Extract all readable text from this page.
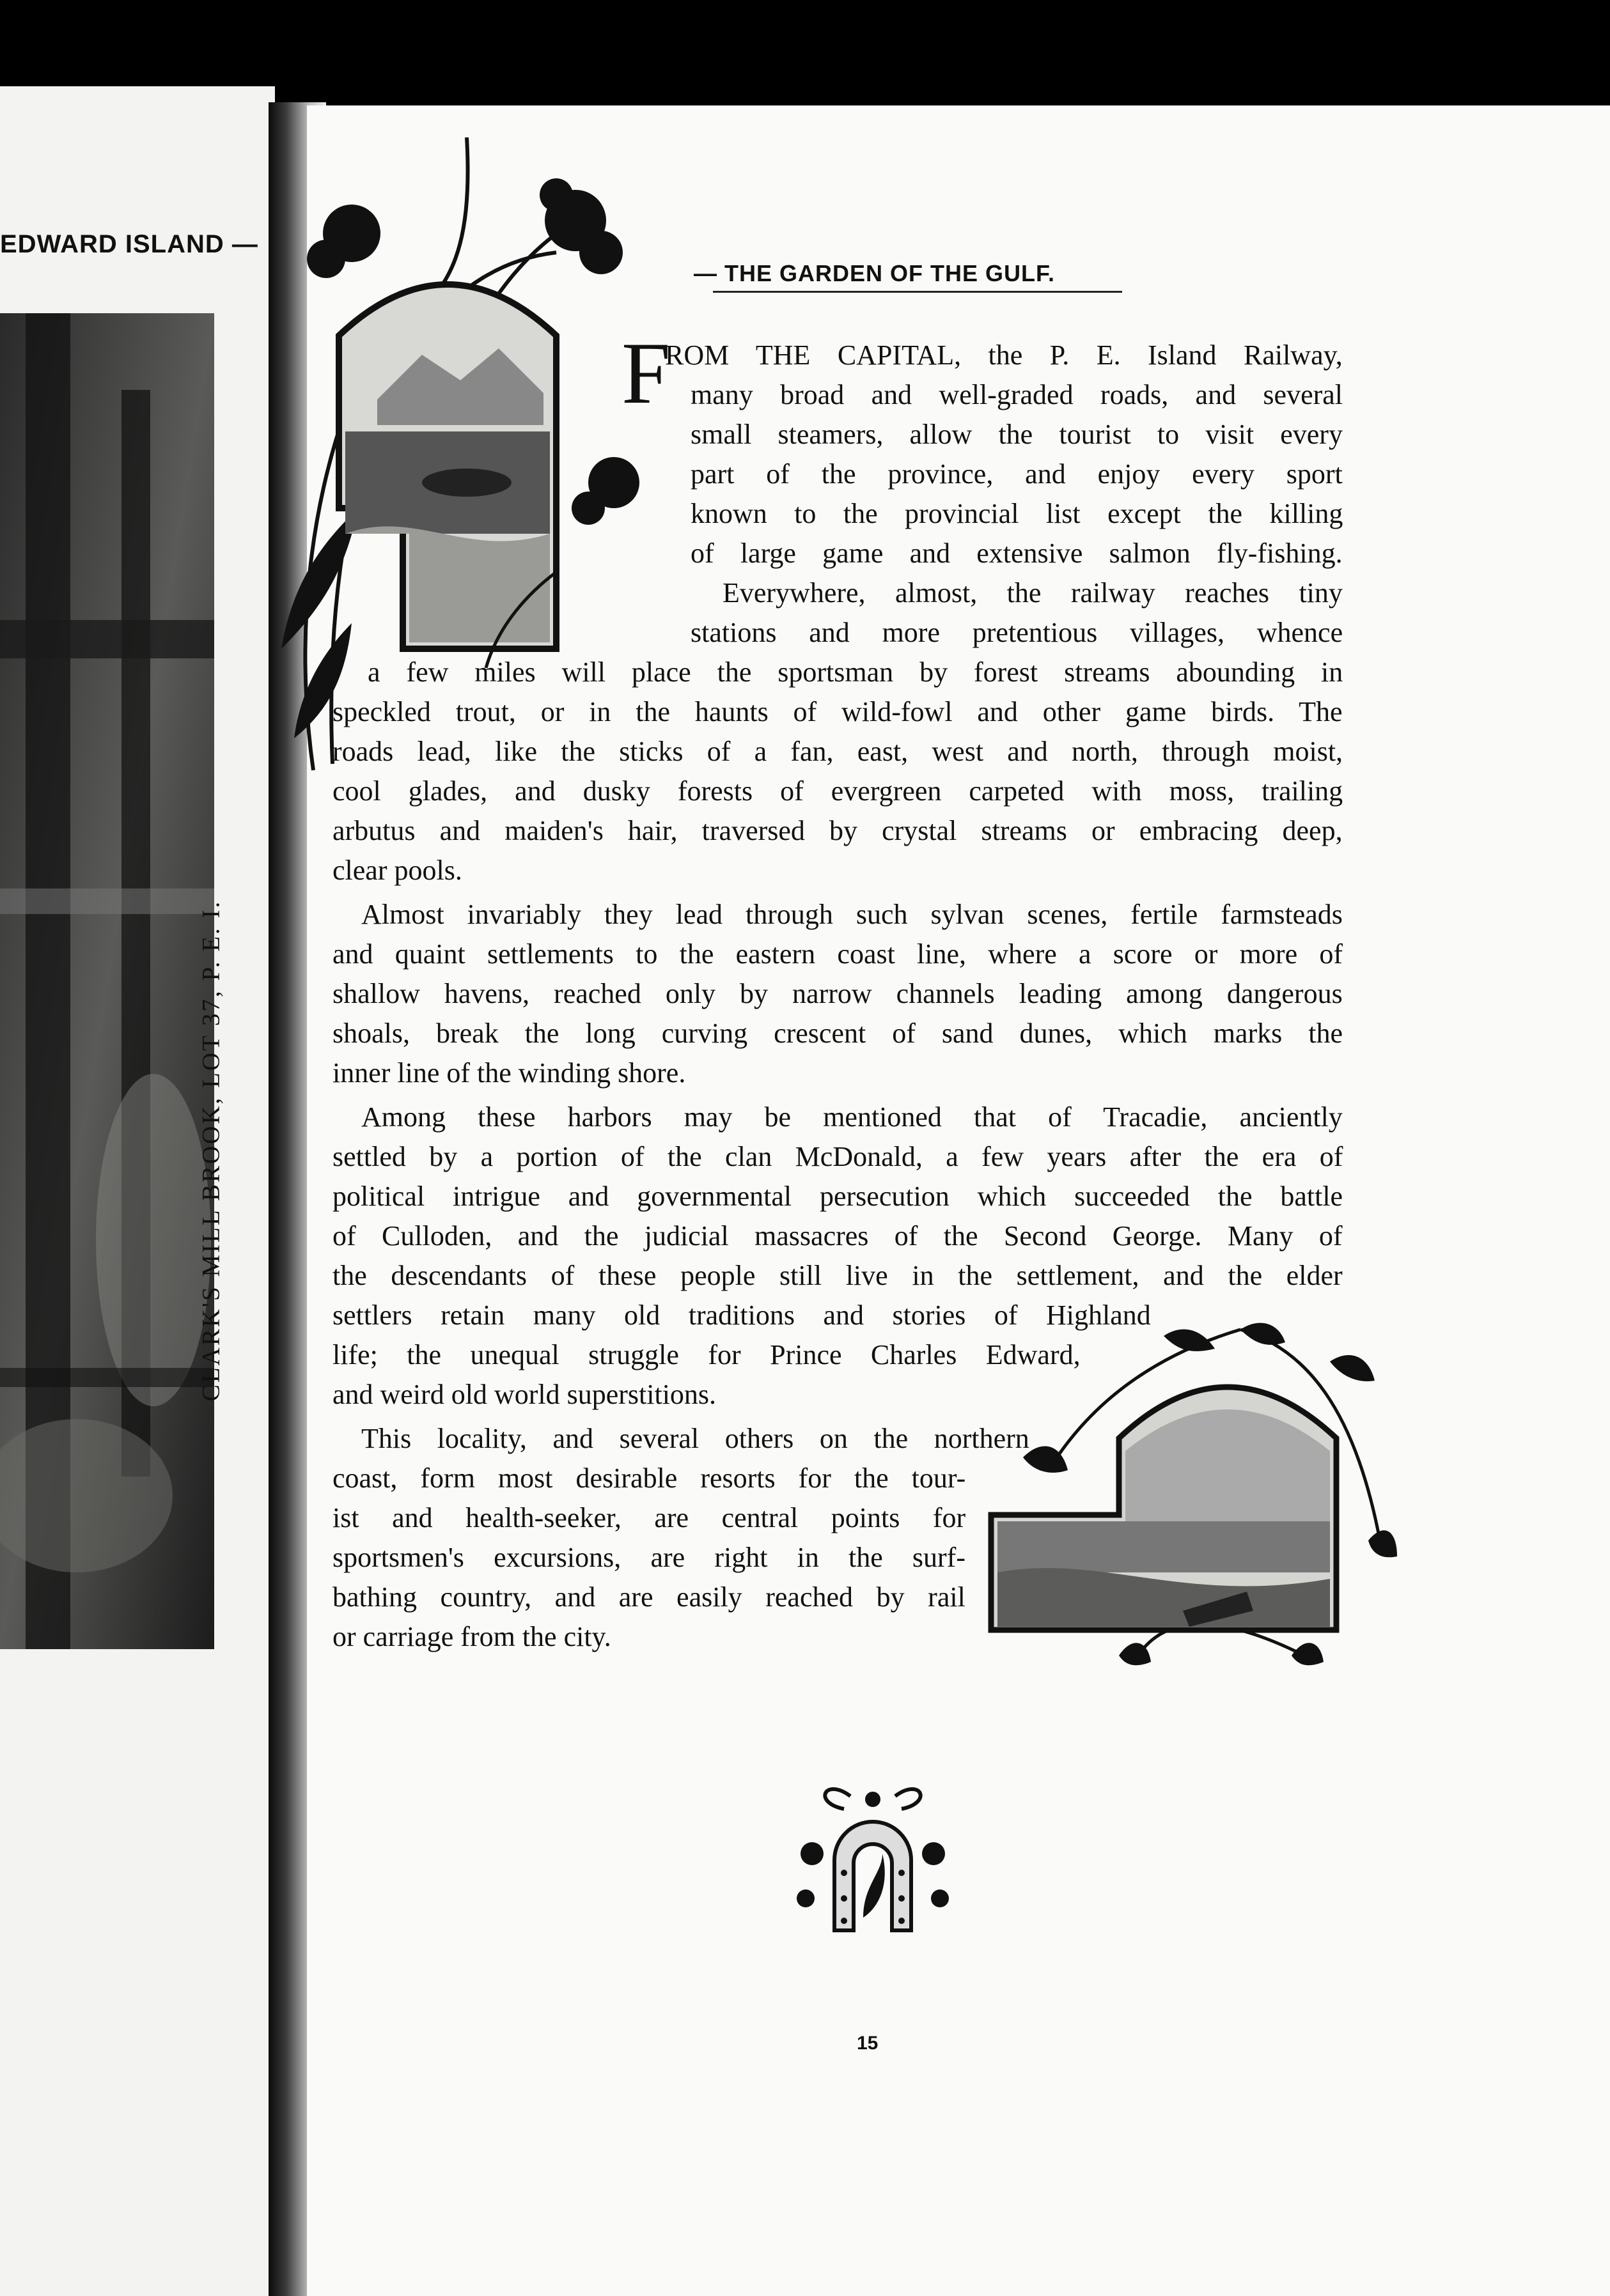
EDWARD ISLAND —
CLARK'S MILL BROOK, LOT 37, P. E. I.
— THE GARDEN OF THE GULF.
F
ROM THE CAPITAL, the P. E. Island Railway,
many broad and well-graded roads, and several
small steamers, allow the tourist to visit every
part of the province, and enjoy every sport
known to the provincial list except the killing
of large game and extensive salmon fly-fishing.
Everywhere, almost, the railway reaches tiny
stations and more pretentious villages, whence
a few miles will place the sportsman by forest streams abounding in
speckled trout, or in the haunts of wild-fowl and other game birds. The
roads lead, like the sticks of a fan, east, west and north, through moist,
cool glades, and dusky forests of evergreen carpeted with moss, trailing
arbutus and maiden's hair, traversed by crystal streams or embracing deep,
clear pools.
Almost invariably they lead through such sylvan scenes, fertile farmsteads
and quaint settlements to the eastern coast line, where a score or more of
shallow havens, reached only by narrow channels leading among dangerous
shoals, break the long curving crescent of sand dunes, which marks the
inner line of the winding shore.
Among these harbors may be mentioned that of Tracadie, anciently
settled by a portion of the clan McDonald, a few years after the era of
political intrigue and governmental persecution which succeeded the battle
of Culloden, and the judicial massacres of the Second George. Many of
the descendants of these people still live in the settlement, and the elder
settlers retain many old traditions and stories of Highland
life; the unequal struggle for Prince Charles Edward,
and weird old world superstitions.
This locality, and several others on the northern
coast, form most desirable resorts for the tour-
ist and health-seeker, are central points for
sportsmen's excursions, are right in the surf-
bathing country, and are easily reached by rail
or carriage from the city.
15
